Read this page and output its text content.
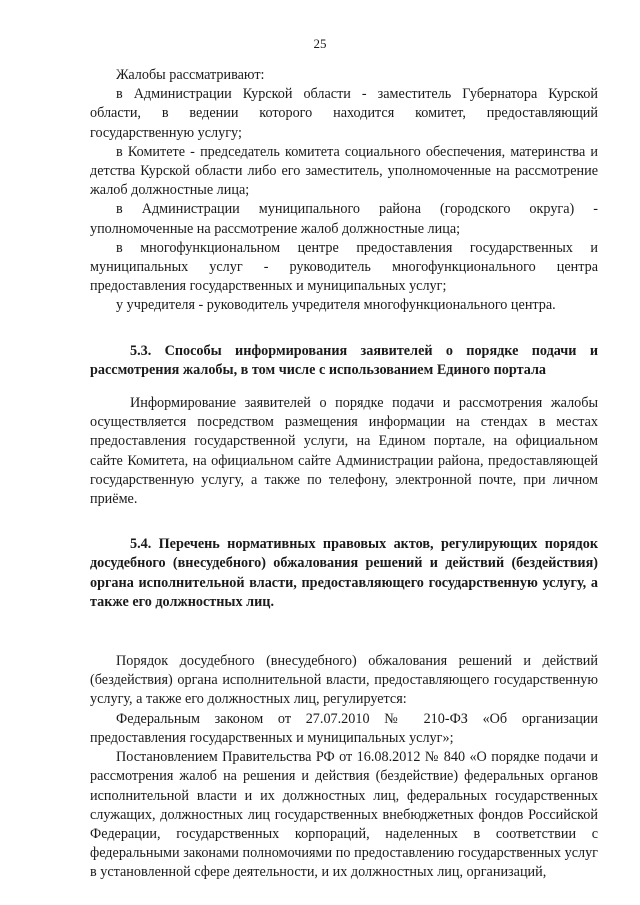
25

Жалобы рассматривают:

в Администрации Курской области - заместитель Губернатора Курской области, в ведении которого находится комитет, предоставляющий государственную услугу;

в Комитете - председатель комитета социального обеспечения, материнства и детства Курской области либо его заместитель, уполномоченные на рассмотрение жалоб должностные лица;

в Администрации муниципального района (городского округа) - уполномоченные на рассмотрение жалоб должностные лица;

в многофункциональном центре предоставления государственных и муниципальных услуг - руководитель многофункционального центра предоставления государственных и муниципальных услуг;

у учредителя - руководитель учредителя многофункционального центра.

5.3. Способы информирования заявителей о порядке подачи и рассмотрения жалобы, в том числе с использованием Единого портала

Информирование заявителей о порядке подачи и рассмотрения жалобы осуществляется посредством размещения информации на стендах в местах предоставления государственной услуги, на Едином портале, на официальном сайте Комитета, на официальном сайте Администрации района, предоставляющей государственную услугу, а также по телефону, электронной почте, при личном приёме.

5.4. Перечень нормативных правовых актов, регулирующих порядок досудебного (внесудебного) обжалования решений и действий (бездействия) органа исполнительной власти, предоставляющего государственную услугу, а также его должностных лиц.

Порядок досудебного (внесудебного) обжалования решений и действий (бездействия) органа исполнительной власти, предоставляющего государственную услугу, а также его должностных лиц, регулируется:

Федеральным законом от 27.07.2010 № 210-ФЗ «Об организации предоставления государственных и муниципальных услуг»;

Постановлением Правительства РФ от 16.08.2012 № 840 «О порядке подачи и рассмотрения жалоб на решения и действия (бездействие) федеральных органов исполнительной власти и их должностных лиц, федеральных государственных служащих, должностных лиц государственных внебюджетных фондов Российской Федерации, государственных корпораций, наделенных в соответствии с федеральными законами полномочиями по предоставлению государственных услуг в установленной сфере деятельности, и их должностных лиц, организаций,
